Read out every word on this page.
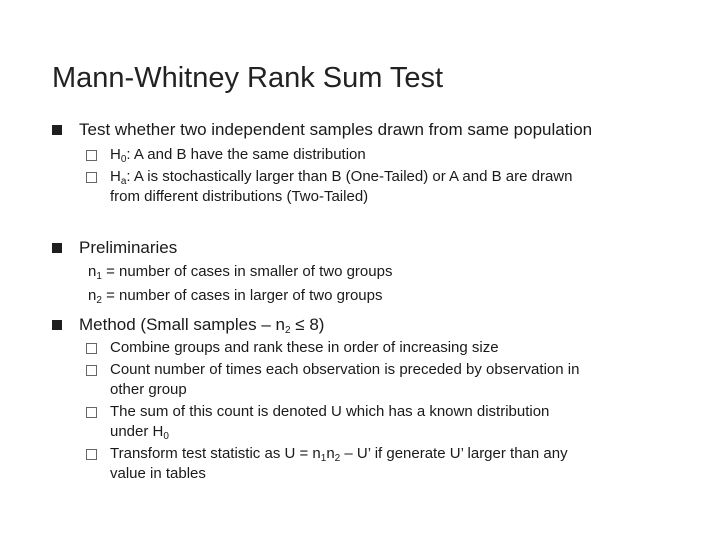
Mann-Whitney Rank Sum Test
Test whether two independent samples drawn from same population
$H_0$: A and B have the same distribution
$H_a$: A is stochastically larger than B (One-Tailed) or A and B are drawn
from different distributions (Two-Tailed)
Preliminaries
$n_1$ = number of cases in smaller of two groups
$n_2$ = number of cases in larger of two groups
Method (Small samples – $n_2 \le 8$)
Combine groups and rank these in order of increasing size
Count number of times each observation is preceded by observation in
other group
The sum of this count is denoted U which has a known distribution
under $H_0$
Transform test statistic as $U = n_1n_2 - U$’ if generate U’ larger than any
value in tables
